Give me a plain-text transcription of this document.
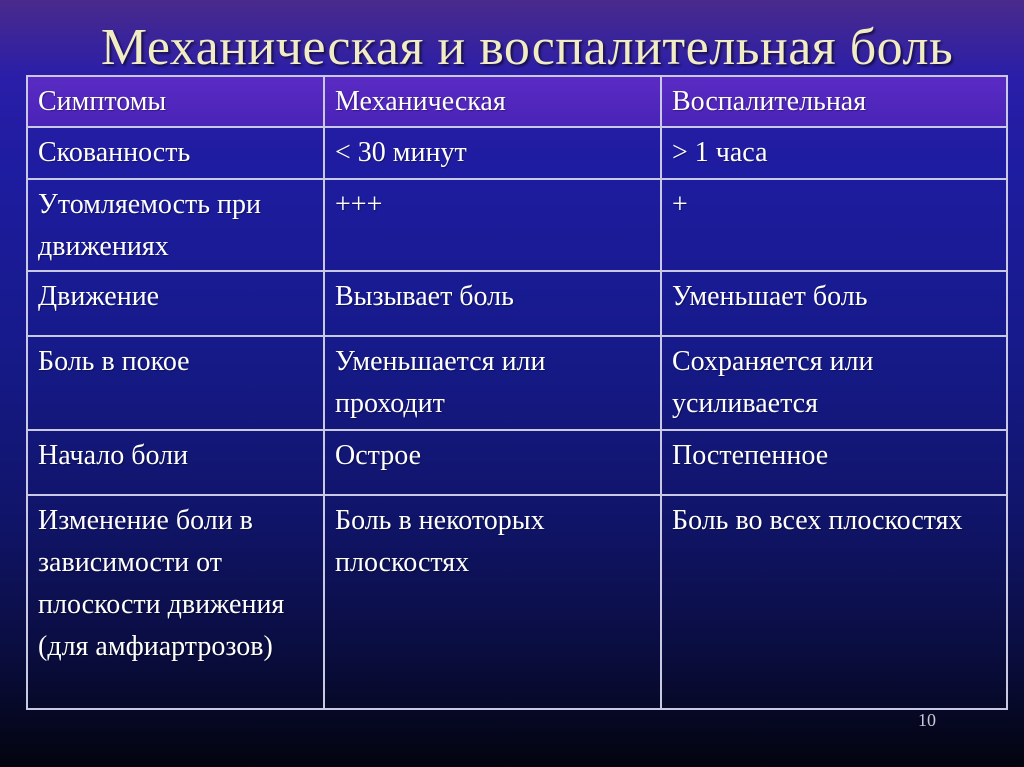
Механическая и воспалительная боль
Симптомы	Механическая	Воспалительная
Скованность	< 30 минут	> 1 часа
Утомляемость при движениях	+++	+
Движение	Вызывает боль	Уменьшает боль
Боль в покое	Уменьшается или проходит	Сохраняется или усиливается
Начало боли	Острое	Постепенное
Изменение боли в зависимости от плоскости движения (для амфиартрозов)	Боль в некоторых плоскостях	Боль во всех плоскостях
10
